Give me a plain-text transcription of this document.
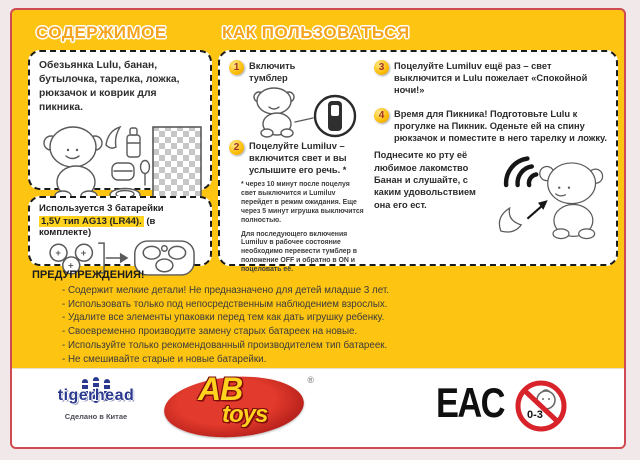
СОДЕРЖИМОЕ	КАК ПОЛЬЗОВАТЬСЯ
Обезьянка Lulu, банан, бутылочка, тарелка, ложка, рюкзачок и коврик для пикника.
Используется 3 батарейки
1,5V тип AG13 (LR44). (в комплекте)
+ +
+
1	Включить тумблер
2	Поцелуйте Lumiluv – включится свет и вы услышите его речь. *
* через 10 минут после поцелуя свет выключится и Lumiluv перейдет в режим ожидания. Еще через 5 минут игрушка выключится полностью.
Для последующего включения Lumiluv в рабочее состояние необходимо перевести тумблер в положение OFF и обратно в ON и поцеловать её.
3	Поцелуйте Lumiluv ещё раз – свет выключится и Lulu пожелает «Спокойной ночи!»
4	Время для Пикника! Подготовьте Lulu к прогулке на Пикник. Оденьте ей на спину рюкзачок и поместите в него тарелку и ложку.
Поднесите ко рту её любимое лакомство Банан и слушайте, с каким удовольствием она его ест.
ПРЕДУПРЕЖДЕНИЯ!
- Содержит мелкие детали! Не предназначено для детей младше 3 лет.
- Использовать только под непосредственным наблюдением взрослых.
- Удалите все элементы упаковки перед тем как дать игрушку ребенку.
- Своевременно производите замену старых батареек на новые.
- Используйте только рекомендованный производителем тип батареек.
- Не смешивайте старые и новые батарейки.
tigerhead
Сделано в Китае
AB
toys
®	EAC 0-3
